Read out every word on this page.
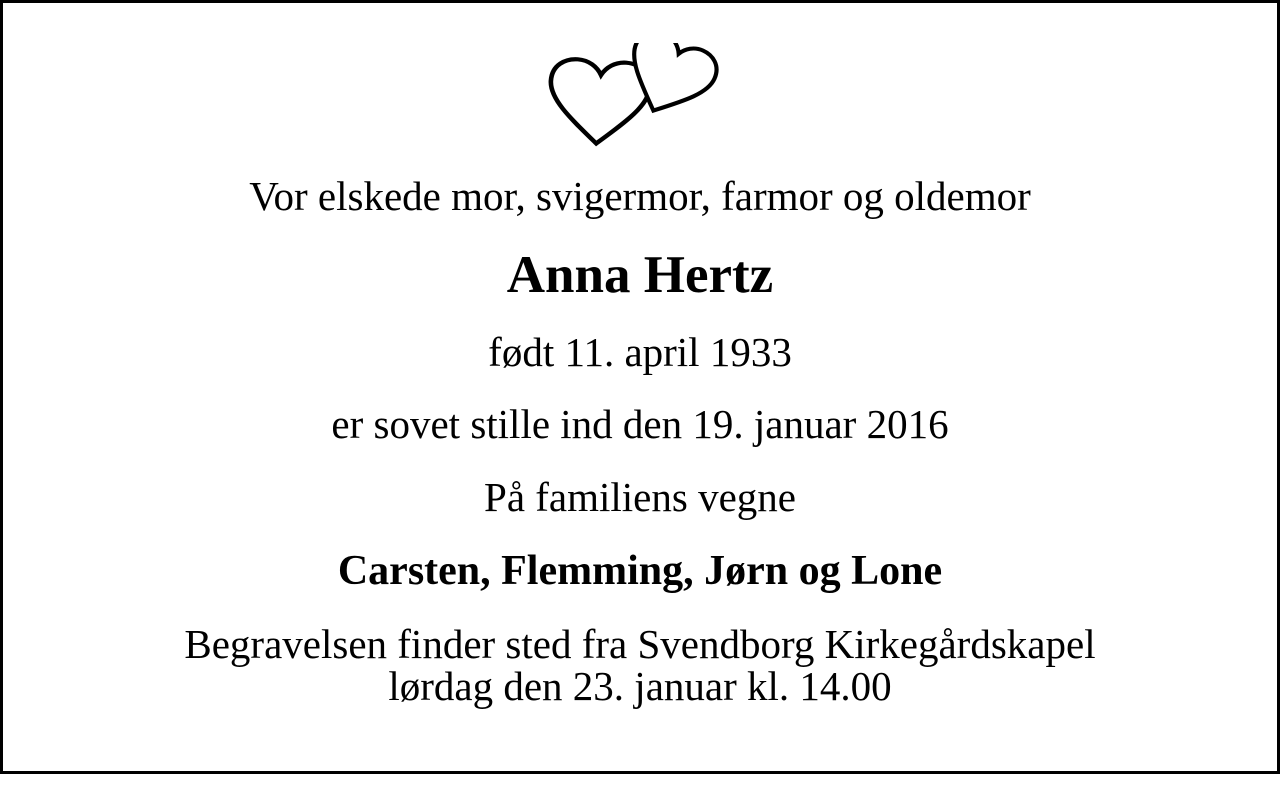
Vor elskede mor, svigermor, farmor og oldemor
Anna Hertz
født 11. april 1933
er sovet stille ind den 19. januar 2016
På familiens vegne
Carsten, Flemming, Jørn og Lone
Begravelsen finder sted fra Svendborg Kirkegårdskapel
lørdag den 23. januar kl. 14.00
